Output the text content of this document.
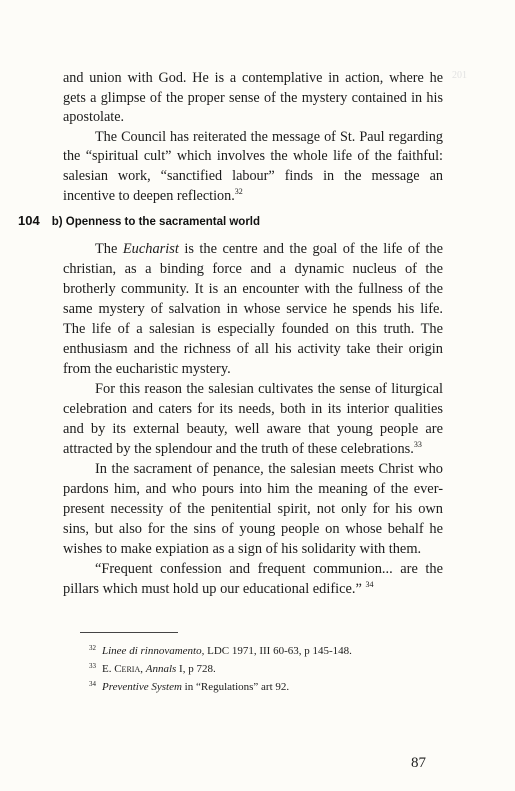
201

and union with God. He is a contemplative in action, where he gets a glimpse of the proper sense of the mystery contained in his apostolate.

The Council has reiterated the message of St. Paul regarding the “spiritual cult” which involves the whole life of the faithful: salesian work, “sanctified labour” finds in the message an incentive to deepen reflection.$^{32}$

104 b) Openness to the sacramental world

The Eucharist is the centre and the goal of the life of the christian, as a binding force and a dynamic nucleus of the brotherly community. It is an encounter with the fullness of the same mystery of salvation in whose service he spends his life. The life of a salesian is especially founded on this truth. The enthusiasm and the richness of all his activity take their origin from the eucharistic mystery.

For this reason the salesian cultivates the sense of liturgical celebration and caters for its needs, both in its interior qualities and by its external beauty, well aware that young people are attracted by the splendour and the truth of these celebrations.$^{33}$

In the sacrament of penance, the salesian meets Christ who pardons him, and who pours into him the meaning of the ever-present necessity of the penitential spirit, not only for his own sins, but also for the sins of young people on whose behalf he wishes to make expiation as a sign of his solidarity with them.

“Frequent confession and frequent communion... are the pillars which must hold up our educational edifice.” $^{34}$

$^{32}$ Linee di rinnovamento, LDC 1971, III 60-63, p 145-148.
$^{33}$ E. Ceria, Annals I, p 728.
$^{34}$ Preventive System in “Regulations” art 92.
87
